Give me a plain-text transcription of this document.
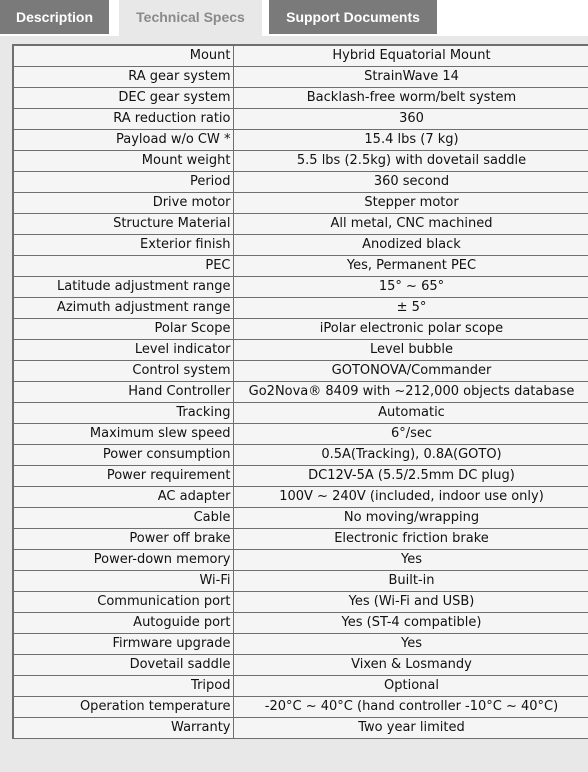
Description	Technical Specs	Support Documents
Mount	Hybrid Equatorial Mount
RA gear system	StrainWave 14
DEC gear system	Backlash-free worm/belt system
RA reduction ratio	360
Payload w/o CW *	15.4 lbs (7 kg)
Mount weight	5.5 lbs (2.5kg) with dovetail saddle
Period	360 second
Drive motor	Stepper motor
Structure Material	All metal, CNC machined
Exterior finish	Anodized black
PEC	Yes, Permanent PEC
Latitude adjustment range	15° ~ 65°
Azimuth adjustment range	± 5°
Polar Scope	iPolar electronic polar scope
Level indicator	Level bubble
Control system	GOTONOVA/Commander
Hand Controller	Go2Nova® 8409 with ~212,000 objects database
Tracking	Automatic
Maximum slew speed	6°/sec
Power consumption	0.5A(Tracking), 0.8A(GOTO)
Power requirement	DC12V-5A (5.5/2.5mm DC plug)
AC adapter	100V ~ 240V (included, indoor use only)
Cable	No moving/wrapping
Power off brake	Electronic friction brake
Power-down memory	Yes
Wi-Fi	Built-in
Communication port	Yes (Wi-Fi and USB)
Autoguide port	Yes (ST-4 compatible)
Firmware upgrade	Yes
Dovetail saddle	Vixen & Losmandy
Tripod	Optional
Operation temperature	-20°C ~ 40°C (hand controller -10°C ~ 40°C)
Warranty	Two year limited
